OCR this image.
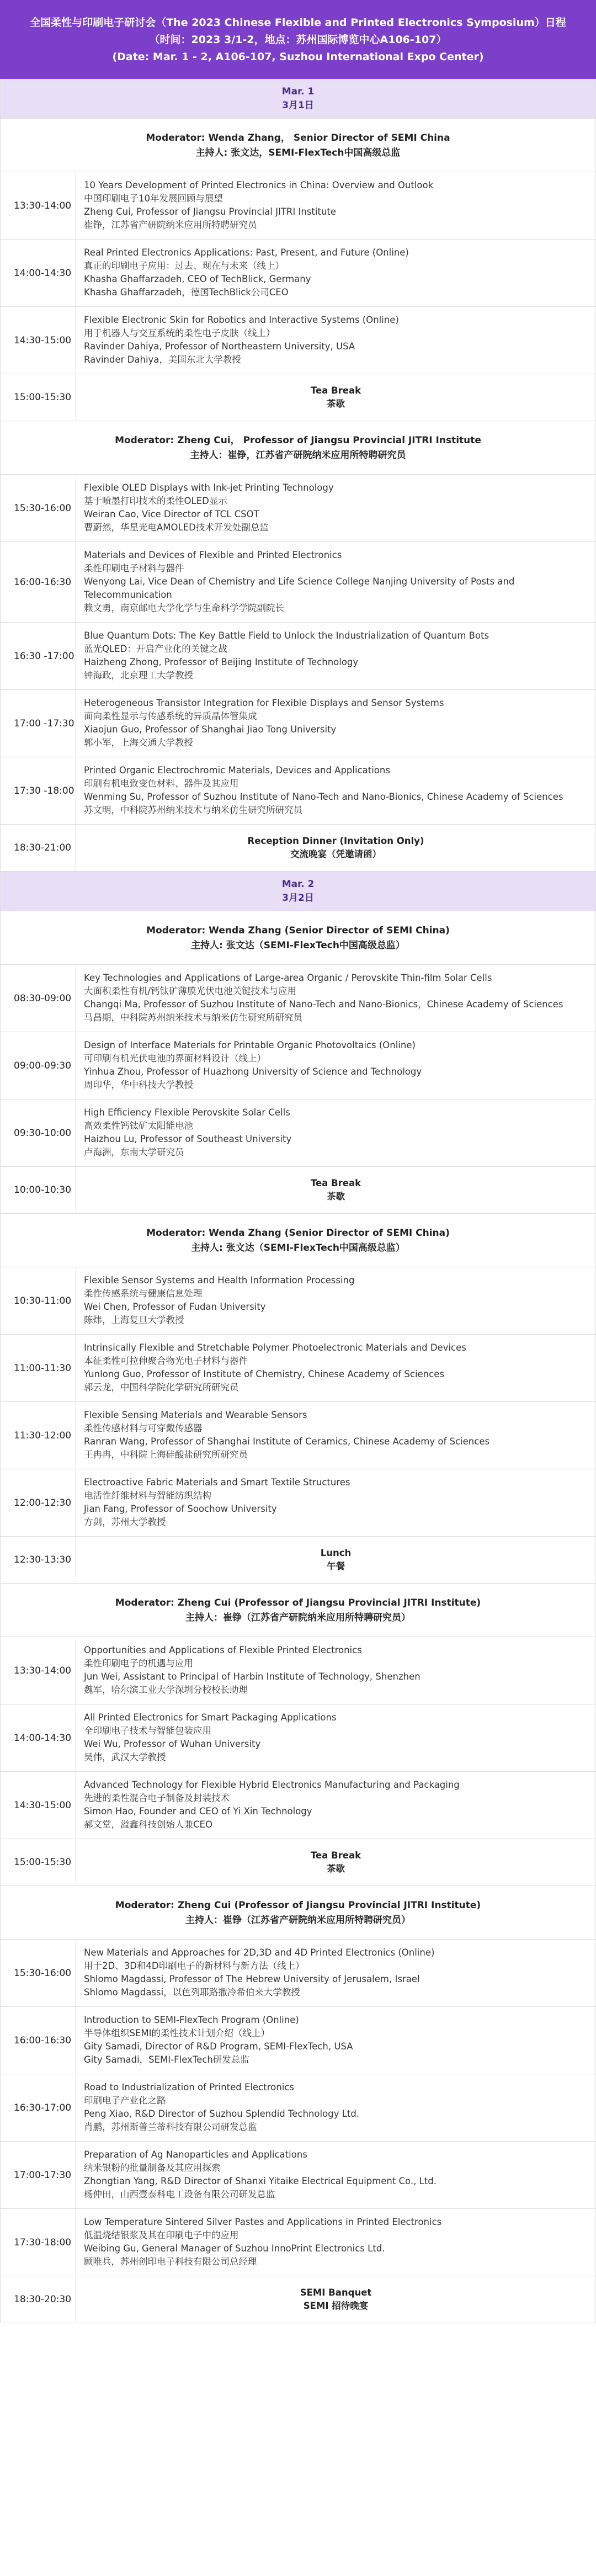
全国柔性与印刷电子研讨会（The 2023 Chinese Flexible and Printed Electronics Symposium）日程
（时间：2023 3/1-2，地点：苏州国际博览中心A106-107）
(Date: Mar. 1 - 2, A106-107, Suzhou International Expo Center)
Mar. 1
3月1日
Moderator: Wenda Zhang， Senior Director of SEMI China
主持人: 张文达，SEMI-FlexTech中国高级总监
13:30-14:00
10 Years Development of Printed Electronics in China: Overview and Outlook
中国印刷电子10年发展回顾与展望
Zheng Cui, Professor of Jiangsu Provincial JITRI Institute
崔铮，江苏省产研院纳米应用所特聘研究员
14:00-14:30
Real Printed Electronics Applications: Past, Present, and Future (Online)
真正的印刷电子应用：过去、现在与未来（线上）
Khasha Ghaffarzadeh, CEO of TechBlick, Germany
Khasha Ghaffarzadeh，德国TechBlick公司CEO
14:30-15:00
Flexible Electronic Skin for Robotics and Interactive Systems (Online)
用于机器人与交互系统的柔性电子皮肤（线上）
Ravinder Dahiya, Professor of Northeastern University, USA
Ravinder Dahiya，美国东北大学教授
15:00-15:30
Tea Break
茶歇
Moderator: Zheng Cui， Professor of Jiangsu Provincial JITRI Institute
主持人：崔铮，江苏省产研院纳米应用所特聘研究员
15:30-16:00
Flexible OLED Displays with Ink-jet Printing Technology
基于喷墨打印技术的柔性OLED显示
Weiran Cao, Vice Director of TCL CSOT
曹蔚然，华星光电AMOLED技术开发处副总监
16:00-16:30
Materials and Devices of Flexible and Printed Electronics
柔性印刷电子材料与器件
Wenyong Lai, Vice Dean of Chemistry and Life Science College Nanjing University of Posts and Telecommunication
赖文勇，南京邮电大学化学与生命科学学院副院长
16:30 -17:00
Blue Quantum Dots: The Key Battle Field to Unlock the Industrialization of Quantum Bots
蓝光QLED：开启产业化的关键之战
Haizheng Zhong, Professor of Beijing Institute of Technology
钟海政，北京理工大学教授
17:00 -17:30
Heterogeneous Transistor Integration for Flexible Displays and Sensor Systems
面向柔性显示与传感系统的异质晶体管集成
Xiaojun Guo, Professor of Shanghai Jiao Tong University
郭小军，上海交通大学教授
17:30 -18:00
Printed Organic Electrochromic Materials, Devices and Applications
印刷有机电致变色材料、器件及其应用
Wenming Su, Professor of Suzhou Institute of Nano-Tech and Nano-Bionics, Chinese Academy of Sciences
苏文明，中科院苏州纳米技术与纳米仿生研究所研究员
18:30-21:00
Reception Dinner (Invitation Only)
交流晚宴（凭邀请函）
Mar. 2
3月2日
Moderator: Wenda Zhang (Senior Director of SEMI China)
主持人: 张文达（SEMI-FlexTech中国高级总监）
08:30-09:00
Key Technologies and Applications of Large-area Organic / Perovskite Thin-film Solar Cells
大面积柔性有机/钙钛矿薄膜光伏电池关键技术与应用
Changqi Ma, Professor of Suzhou Institute of Nano-Tech and Nano-Bionics，Chinese Academy of Sciences
马昌期，中科院苏州纳米技术与纳米仿生研究所研究员
09:00-09:30
Design of Interface Materials for Printable Organic Photovoltaics (Online)
可印刷有机光伏电池的界面材料设计（线上）
Yinhua Zhou, Professor of Huazhong University of Science and Technology
周印华，华中科技大学教授
09:30-10:00
High Efficiency Flexible Perovskite Solar Cells
高效柔性钙钛矿太阳能电池
Haizhou Lu, Professor of Southeast University
卢海洲，东南大学研究员
10:00-10:30
Tea Break
茶歇
Moderator: Wenda Zhang (Senior Director of SEMI China)
主持人: 张文达（SEMI-FlexTech中国高级总监）
10:30-11:00
Flexible Sensor Systems and Health Information Processing
柔性传感系统与健康信息处理
Wei Chen, Professor of Fudan University
陈炜，上海复旦大学教授
11:00-11:30
Intrinsically Flexible and Stretchable Polymer Photoelectronic Materials and Devices
本征柔性可拉伸聚合物光电子材料与器件
Yunlong Guo, Professor of Institute of Chemistry, Chinese Academy of Sciences
郭云龙，中国科学院化学研究所研究员
11:30-12:00
Flexible Sensing Materials and Wearable Sensors
柔性传感材料与可穿戴传感器
Ranran Wang, Professor of Shanghai Institute of Ceramics, Chinese Academy of Sciences
王冉冉，中科院上海硅酸盐研究所研究员
12:00-12:30
Electroactive Fabric Materials and Smart Textile Structures
电活性纤维材料与智能纺织结构
Jian Fang, Professor of Soochow University
方剑，苏州大学教授
12:30-13:30
Lunch
午餐
Moderator: Zheng Cui (Professor of Jiangsu Provincial JITRI Institute)
主持人：崔铮（江苏省产研院纳米应用所特聘研究员）
13:30-14:00
Opportunities and Applications of Flexible Printed Electronics
柔性印刷电子的机遇与应用
Jun Wei, Assistant to Principal of Harbin Institute of Technology, Shenzhen
魏军，哈尔滨工业大学深圳分校校长助理
14:00-14:30
All Printed Electronics for Smart Packaging Applications
全印刷电子技术与智能包装应用
Wei Wu, Professor of Wuhan University
吴伟，武汉大学教授
14:30-15:00
Advanced Technology for Flexible Hybrid Electronics Manufacturing and Packaging
先进的柔性混合电子制备及封装技术
Simon Hao, Founder and CEO of Yi Xin Technology
郝文堂，溢鑫科技创始人兼CEO
15:00-15:30
Tea Break
茶歇
Moderator: Zheng Cui (Professor of Jiangsu Provincial JITRI Institute)
主持人：崔铮（江苏省产研院纳米应用所特聘研究员）
15:30-16:00
New Materials and Approaches for 2D,3D and 4D Printed Electronics (Online)
用于2D、3D和4D印刷电子的新材料与新方法（线上）
Shlomo Magdassi, Professor of The Hebrew University of Jerusalem, Israel
Shlomo Magdassi，以色列耶路撒冷希伯来大学教授
16:00-16:30
Introduction to SEMI-FlexTech Program (Online)
半导体组织SEMI的柔性技术计划介绍（线上）
Gity Samadi, Director of R&D Program, SEMI-FlexTech, USA
Gity Samadi，SEMI-FlexTech研发总监
16:30-17:00
Road to Industrialization of Printed Electronics
印刷电子产业化之路
Peng Xiao, R&D Director of Suzhou Splendid Technology Ltd.
肖鹏，苏州斯普兰蒂科技有限公司研发总监
17:00-17:30
Preparation of Ag Nanoparticles and Applications
纳米银粉的批量制备及其应用探索
Zhongtian Yang, R&D Director of Shanxi Yitaike Electrical Equipment Co., Ltd.
杨仲田，山西壹泰科电工设备有限公司研发总监
17:30-18:00
Low Temperature Sintered Silver Pastes and Applications in Printed Electronics
低温烧结银浆及其在印刷电子中的应用
Weibing Gu, General Manager of Suzhou InnoPrint Electronics Ltd.
顾唯兵，苏州创印电子科技有限公司总经理
18:30-20:30
SEMI Banquet
SEMI 招待晚宴
